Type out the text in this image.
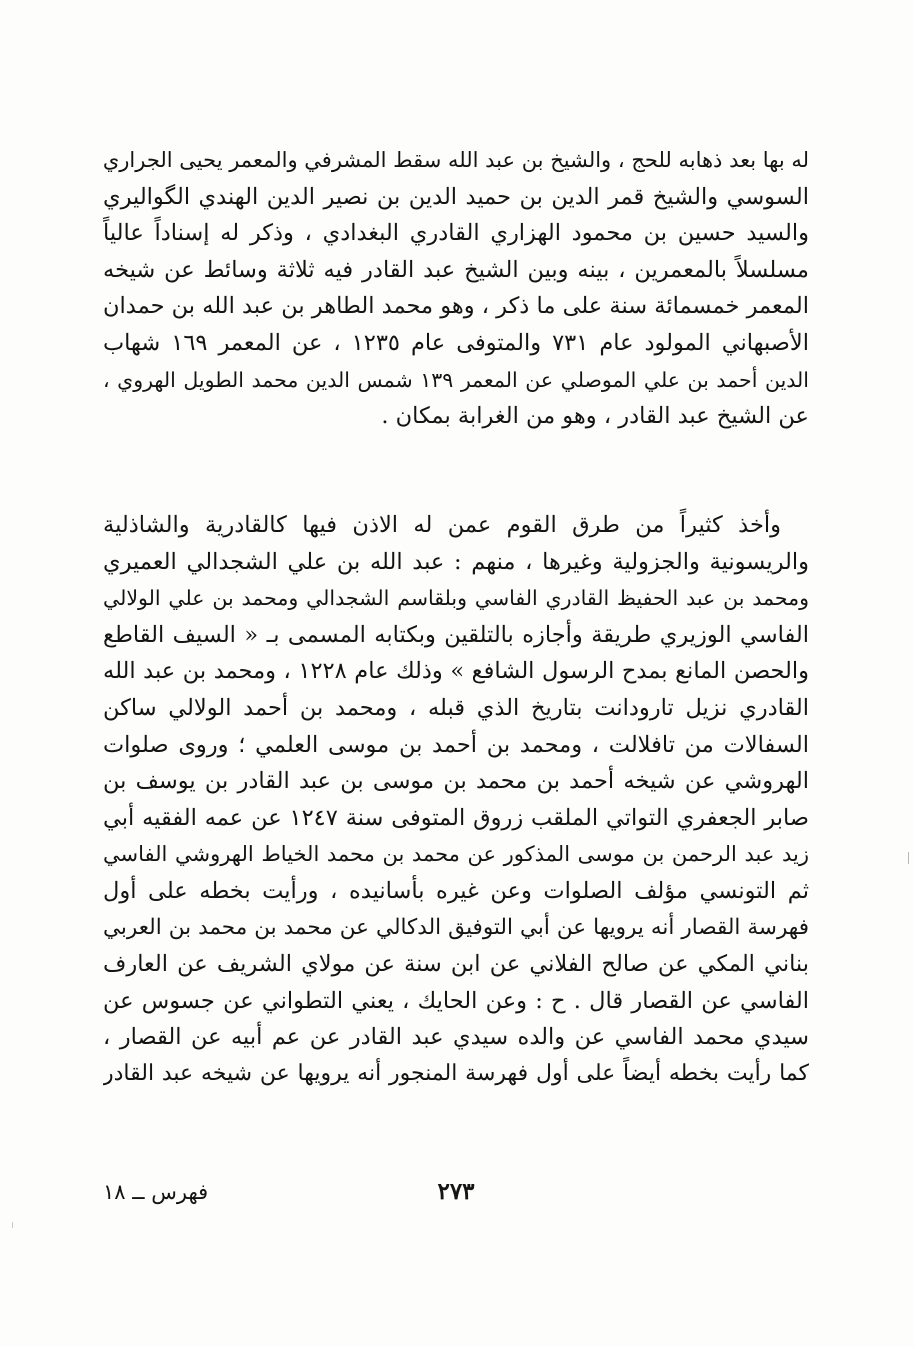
له بها بعد ذهابه للحج ، والشيخ بن عبد الله سقط المشرفي والمعمر يحيى الجراري
السوسي والشيخ قمر الدين بن حميد الدين بن نصير الدين الهندي الگواليري
والسيد حسين بن محمود الهزاري القادري البغدادي ، وذكر له إسناداً عالياً
مسلسلاً بالمعمرين ، بينه وبين الشيخ عبد القادر فيه ثلاثة وسائط عن شيخه
المعمر خمسمائة سنة على ما ذكر ، وهو محمد الطاهر بن عبد الله بن حمدان
الأصبهاني المولود عام ٧٣١ والمتوفى عام ١٢٣٥ ، عن المعمر ١٦٩ شهاب
الدين أحمد بن علي الموصلي عن المعمر ١٣٩ شمس الدين محمد الطويل الهروي ،
عن الشيخ عبد القادر ، وهو من الغرابة بمكان .
وأخذ كثيراً من طرق القوم عمن له الاذن فيها كالقادرية والشاذلية
والريسونية والجزولية وغيرها ، منهم : عبد الله بن علي الشجدالي العميري
ومحمد بن عبد الحفيظ القادري الفاسي وبلقاسم الشجدالي ومحمد بن علي الولالي
الفاسي الوزيري طريقة وأجازه بالتلقين وبكتابه المسمى بـ « السيف القاطع
والحصن المانع بمدح الرسول الشافع » وذلك عام ١٢٢٨ ، ومحمد بن عبد الله
القادري نزيل تارودانت بتاريخ الذي قبله ، ومحمد بن أحمد الولالي ساكن
السفالات من تافلالت ، ومحمد بن أحمد بن موسى العلمي ؛ وروى صلوات
الهروشي عن شيخه أحمد بن محمد بن موسى بن عبد القادر بن يوسف بن
صابر الجعفري التواتي الملقب زروق المتوفى سنة ١٢٤٧ عن عمه الفقيه أبي
زيد عبد الرحمن بن موسى المذكور عن محمد بن محمد الخياط الهروشي الفاسي
ثم التونسي مؤلف الصلوات وعن غيره بأسانيده ، ورأيت بخطه على أول
فهرسة القصار أنه يرويها عن أبي التوفيق الدكالي عن محمد بن محمد بن العربي
بناني المكي عن صالح الفلاني عن ابن سنة عن مولاي الشريف عن العارف
الفاسي عن القصار قال . ح : وعن الحايك ، يعني التطواني عن جسوس عن
سيدي محمد الفاسي عن والده سيدي عبد القادر عن عم أبيه عن القصار ،
كما رأيت بخطه أيضاً على أول فهرسة المنجور أنه يرويها عن شيخه عبد القادر
٢٧٣
فهرس ــ ١٨
